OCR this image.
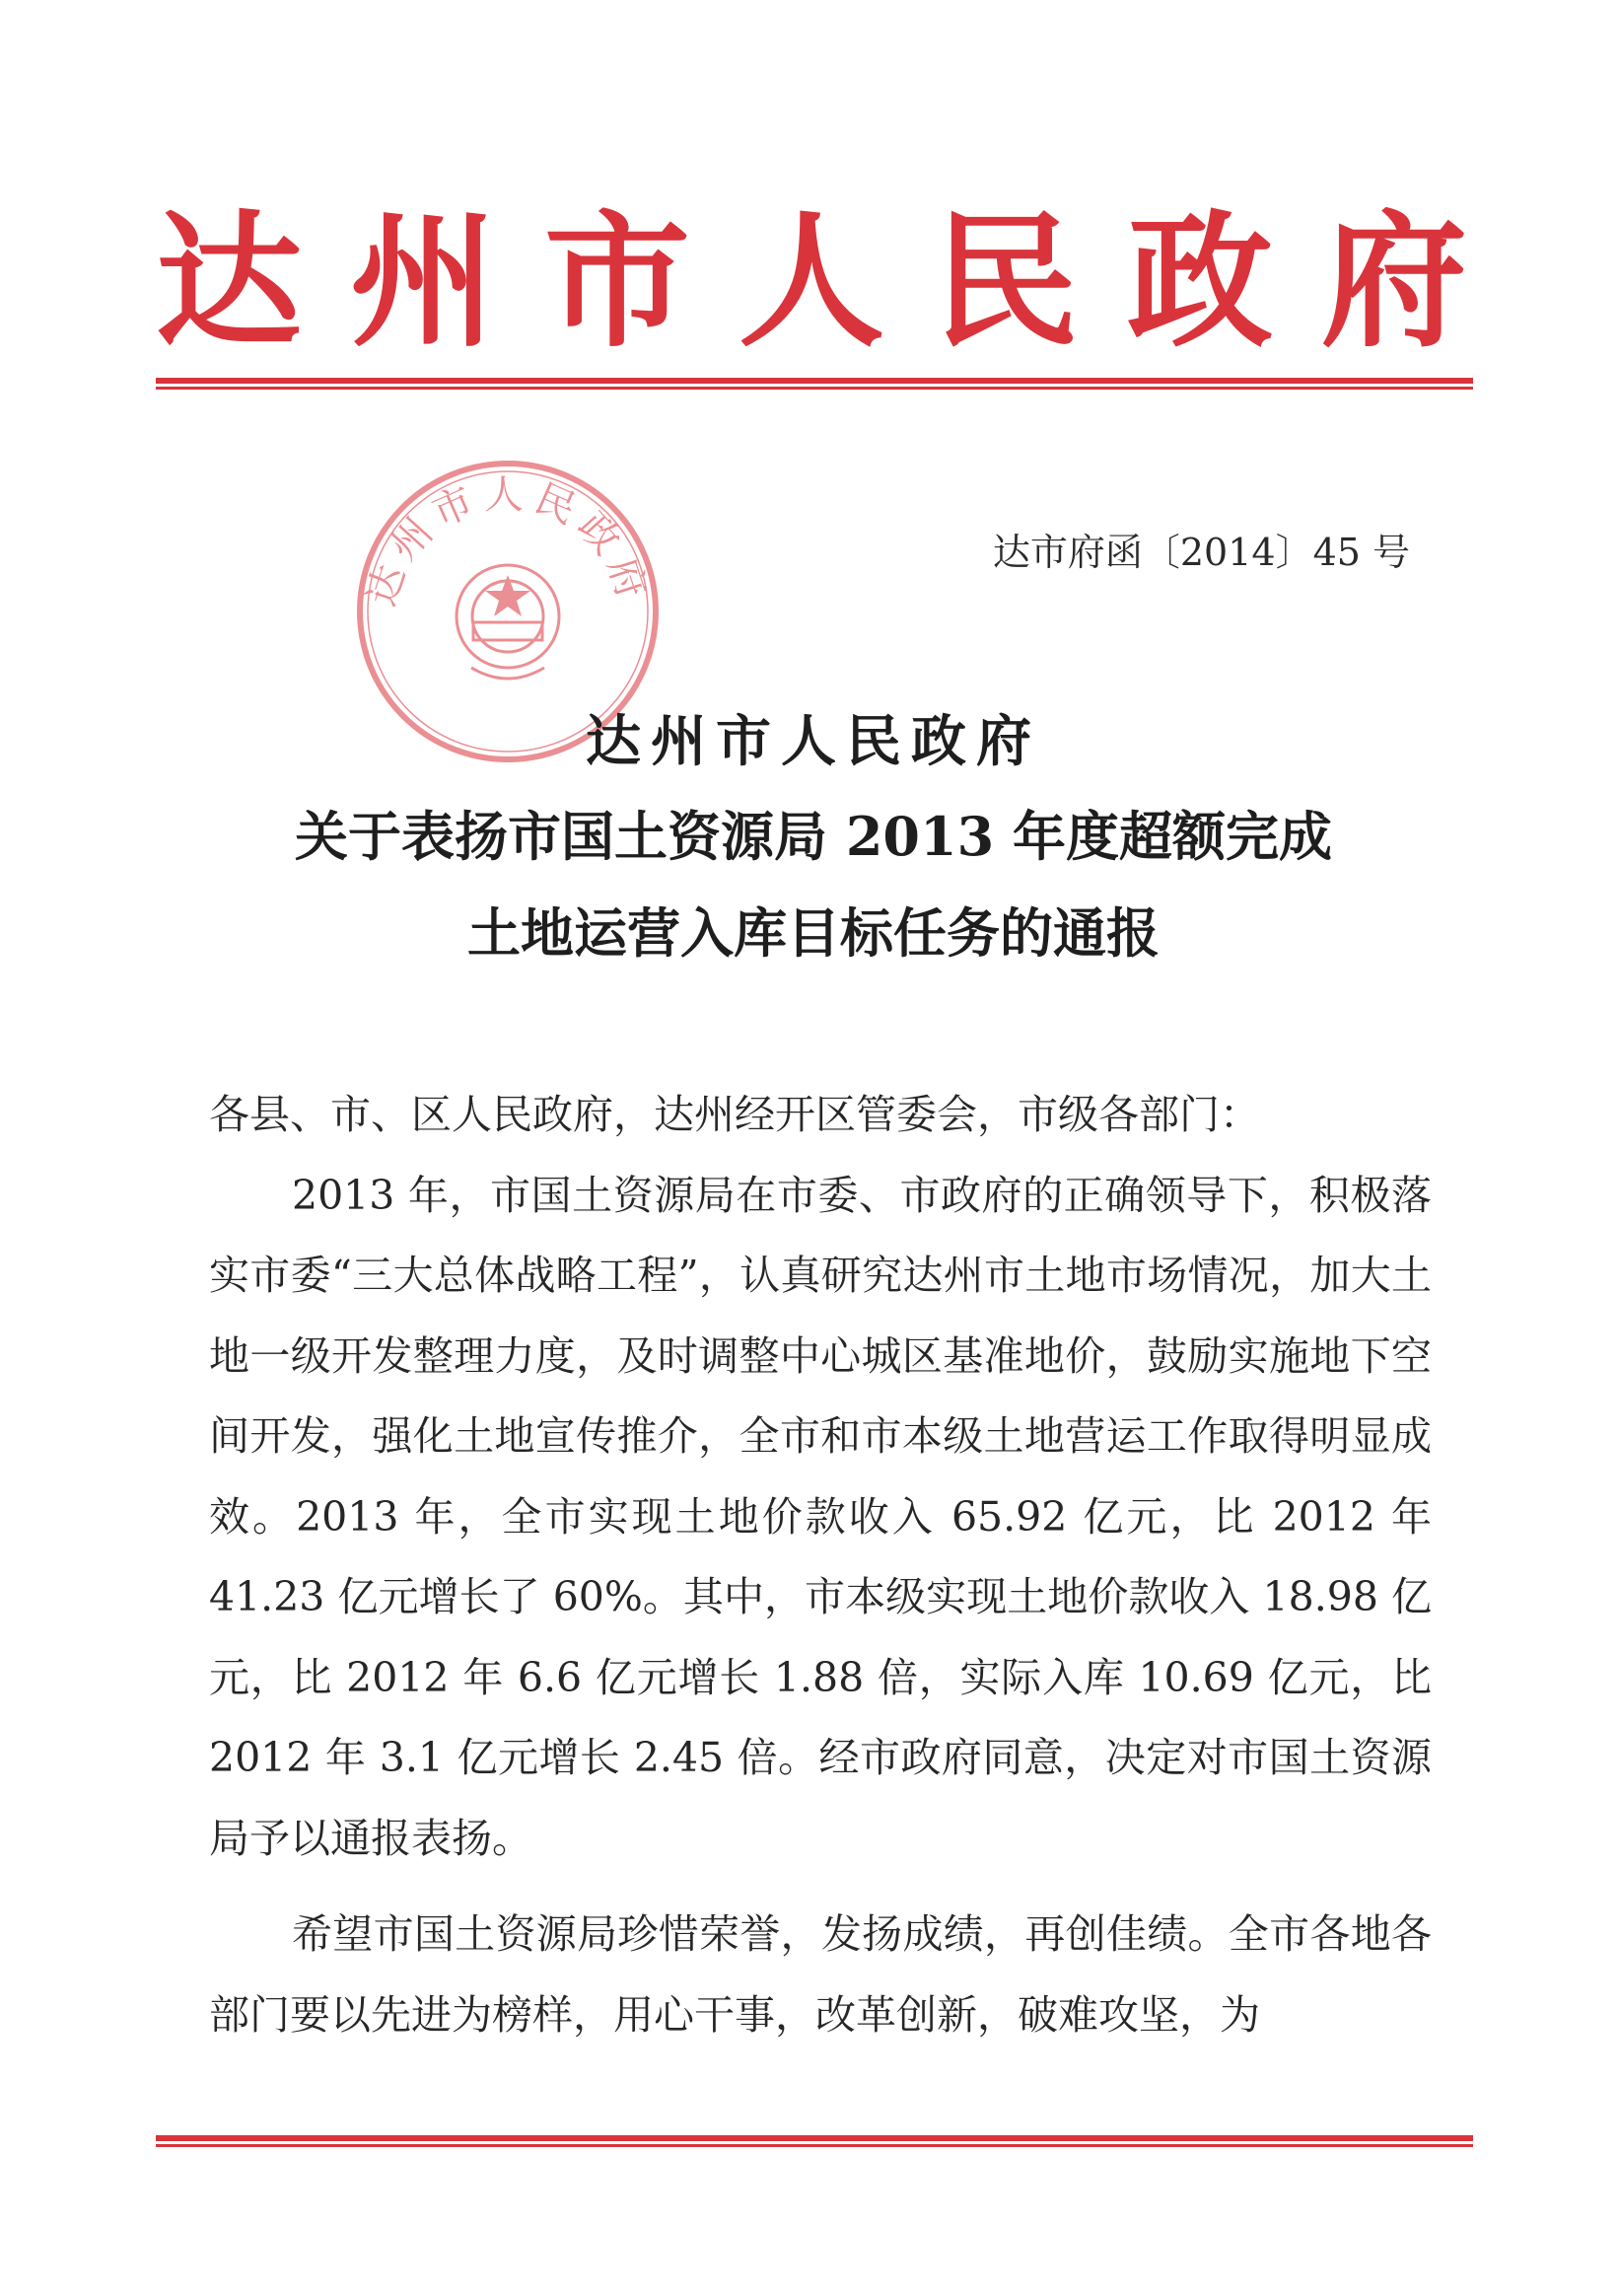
达 州 市 人 民 政 府
达州市人民政府
达市府函〔2014〕45 号
达州市人民政府
关于表扬市国土资源局 2013 年度超额完成
土地运营入库目标任务的通报

各县、市、区人民政府，达州经开区管委会，市级各部门：

2013 年，市国土资源局在市委、市政府的正确领导下，积极落实市委“三大总体战略工程”，认真研究达州市土地市场情况，加大土地一级开发整理力度，及时调整中心城区基准地价，鼓励实施地下空间开发，强化土地宣传推介，全市和市本级土地营运工作取得明显成效。2013 年，全市实现土地价款收入 65.92 亿元，比 2012 年 41.23 亿元增长了 60%。其中，市本级实现土地价款收入 18.98 亿元，比 2012 年 6.6 亿元增长 1.88 倍，实际入库 10.69 亿元，比 2012 年 3.1 亿元增长 2.45 倍。经市政府同意，决定对市国土资源局予以通报表扬。

希望市国土资源局珍惜荣誉，发扬成绩，再创佳绩。全市各地各部门要以先进为榜样，用心干事，改革创新，破难攻坚，为
